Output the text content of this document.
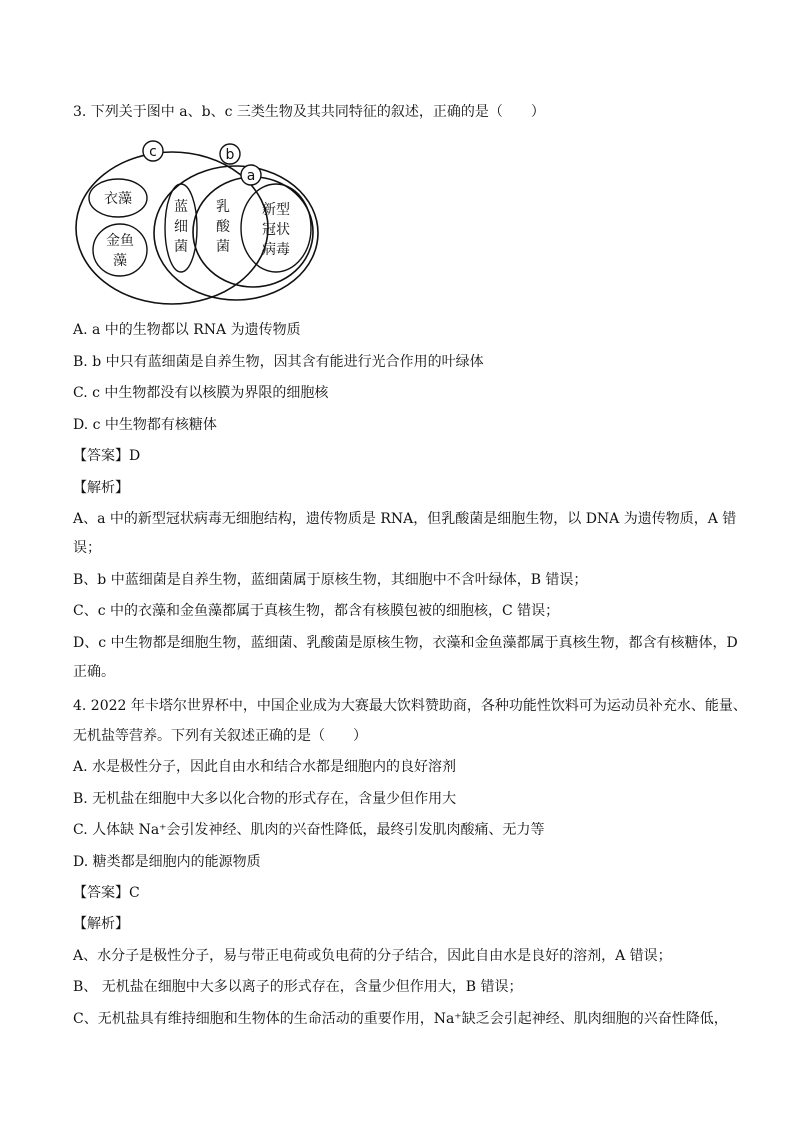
3. 下列关于图中 a、b、c 三类生物及其共同特征的叙述，正确的是（　　）
c	b
a
衣藻
金鱼
藻
蓝
细
菌
乳
酸
菌
新型
冠状
病毒
A. a 中的生物都以 RNA 为遗传物质
B. b 中只有蓝细菌是自养生物，因其含有能进行光合作用的叶绿体
C. c 中生物都没有以核膜为界限的细胞核
D. c 中生物都有核糖体
【答案】D
【解析】
A、a 中的新型冠状病毒无细胞结构，遗传物质是 RNA，但乳酸菌是细胞生物，以 DNA 为遗传物质，A 错
误；
B、b 中蓝细菌是自养生物，蓝细菌属于原核生物，其细胞中不含叶绿体，B 错误；
C、c 中的衣藻和金鱼藻都属于真核生物，都含有核膜包被的细胞核，C 错误；
D、c 中生物都是细胞生物，蓝细菌、乳酸菌是原核生物，衣藻和金鱼藻都属于真核生物，都含有核糖体，D
正确。
4. 2022 年卡塔尔世界杯中，中国企业成为大赛最大饮料赞助商，各种功能性饮料可为运动员补充水、能量、
无机盐等营养。下列有关叙述正确的是（　　）
A. 水是极性分子，因此自由水和结合水都是细胞内的良好溶剂
B. 无机盐在细胞中大多以化合物的形式存在，含量少但作用大
C. 人体缺 Na⁺会引发神经、肌肉的兴奋性降低，最终引发肌肉酸痛、无力等
D. 糖类都是细胞内的能源物质
【答案】C
【解析】
A、水分子是极性分子，易与带正电荷或负电荷的分子结合，因此自由水是良好的溶剂，A 错误；
B、 无机盐在细胞中大多以离子的形式存在，含量少但作用大，B 错误；
C、无机盐具有维持细胞和生物体的生命活动的重要作用，Na⁺缺乏会引起神经、肌肉细胞的兴奋性降低，
